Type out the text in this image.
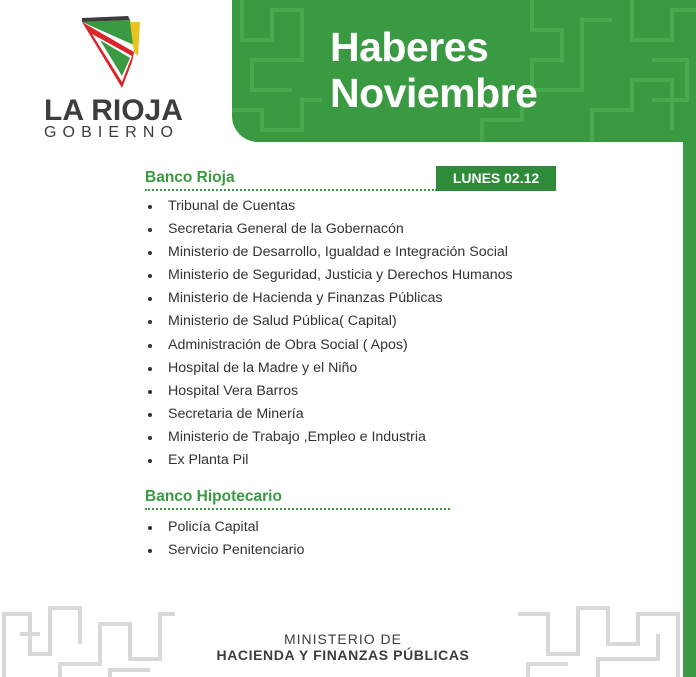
LA RIOJA
GOBIERNO
Haberes
Noviembre
Banco Rioja	LUNES 02.12
Tribunal de Cuentas
Secretaria General de la Gobernacón
Ministerio de Desarrollo, Igualdad e Integración Social
Ministerio de Seguridad, Justicia y Derechos Humanos
Ministerio de Hacienda y Finanzas Públicas
Ministerio de Salud Pública( Capital)
Administración de Obra Social ( Apos)
Hospital de la Madre y el Niño
Hospital Vera Barros
Secretaria de Minería
Ministerio de Trabajo ,Empleo e Industria
Ex Planta Pil
Banco Hipotecario
Policía Capital
Servicio Penitenciario
MINISTERIO DE
HACIENDA Y FINANZAS PÚBLICAS
